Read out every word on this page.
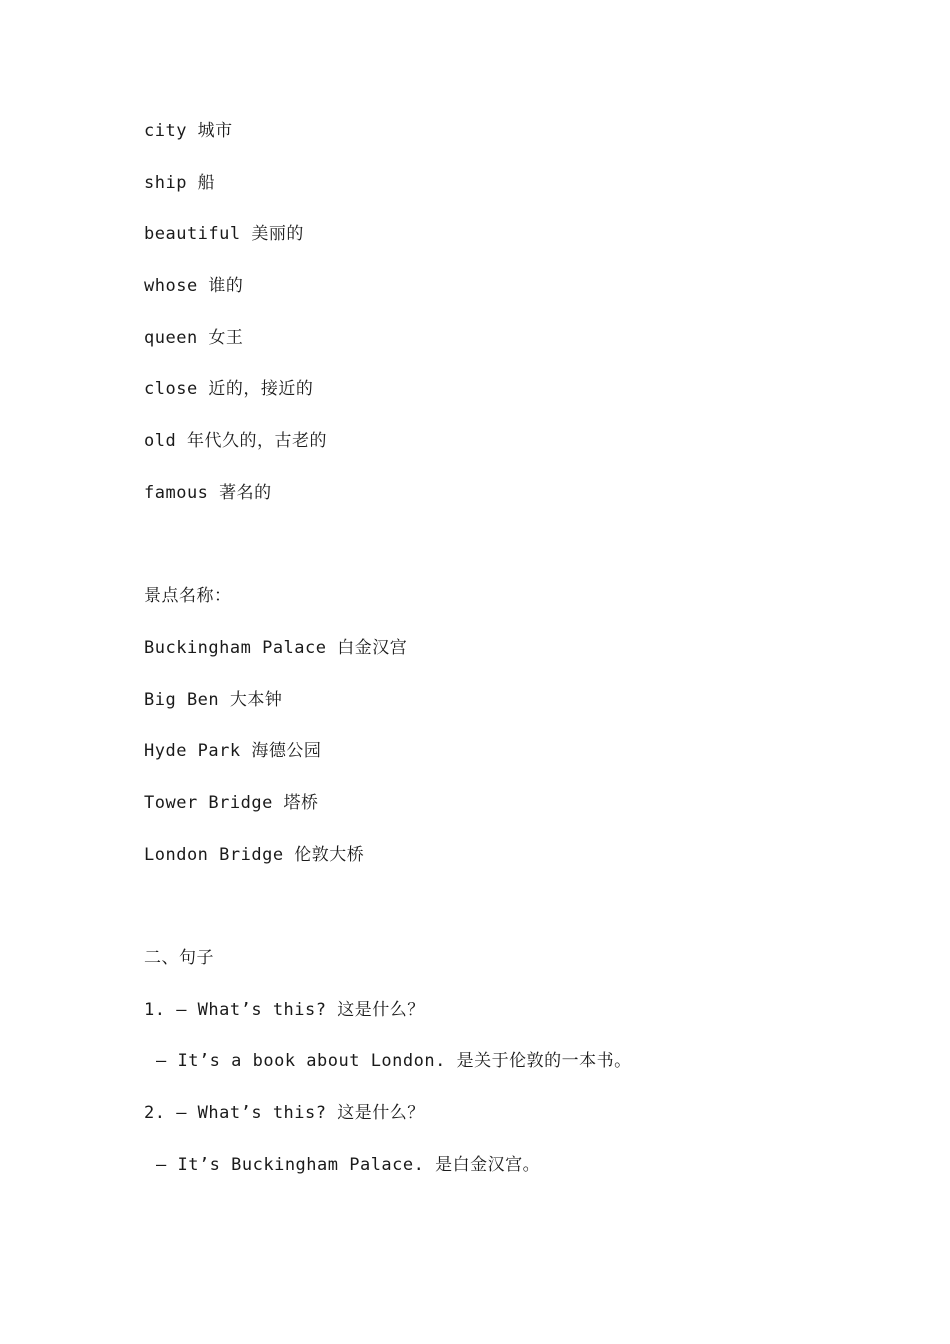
city 城市
ship 船
beautiful 美丽的
whose 谁的
queen 女王
close 近的，接近的
old 年代久的，古老的
famous 著名的
景点名称：
Buckingham Palace 白金汉宫
Big Ben 大本钟
Hyde Park 海德公园
Tower Bridge 塔桥
London Bridge 伦敦大桥
二、句子
1. — What’s this? 这是什么？
— It’s a book about London. 是关于伦敦的一本书。
2. — What’s this? 这是什么？
— It’s Buckingham Palace. 是白金汉宫。
